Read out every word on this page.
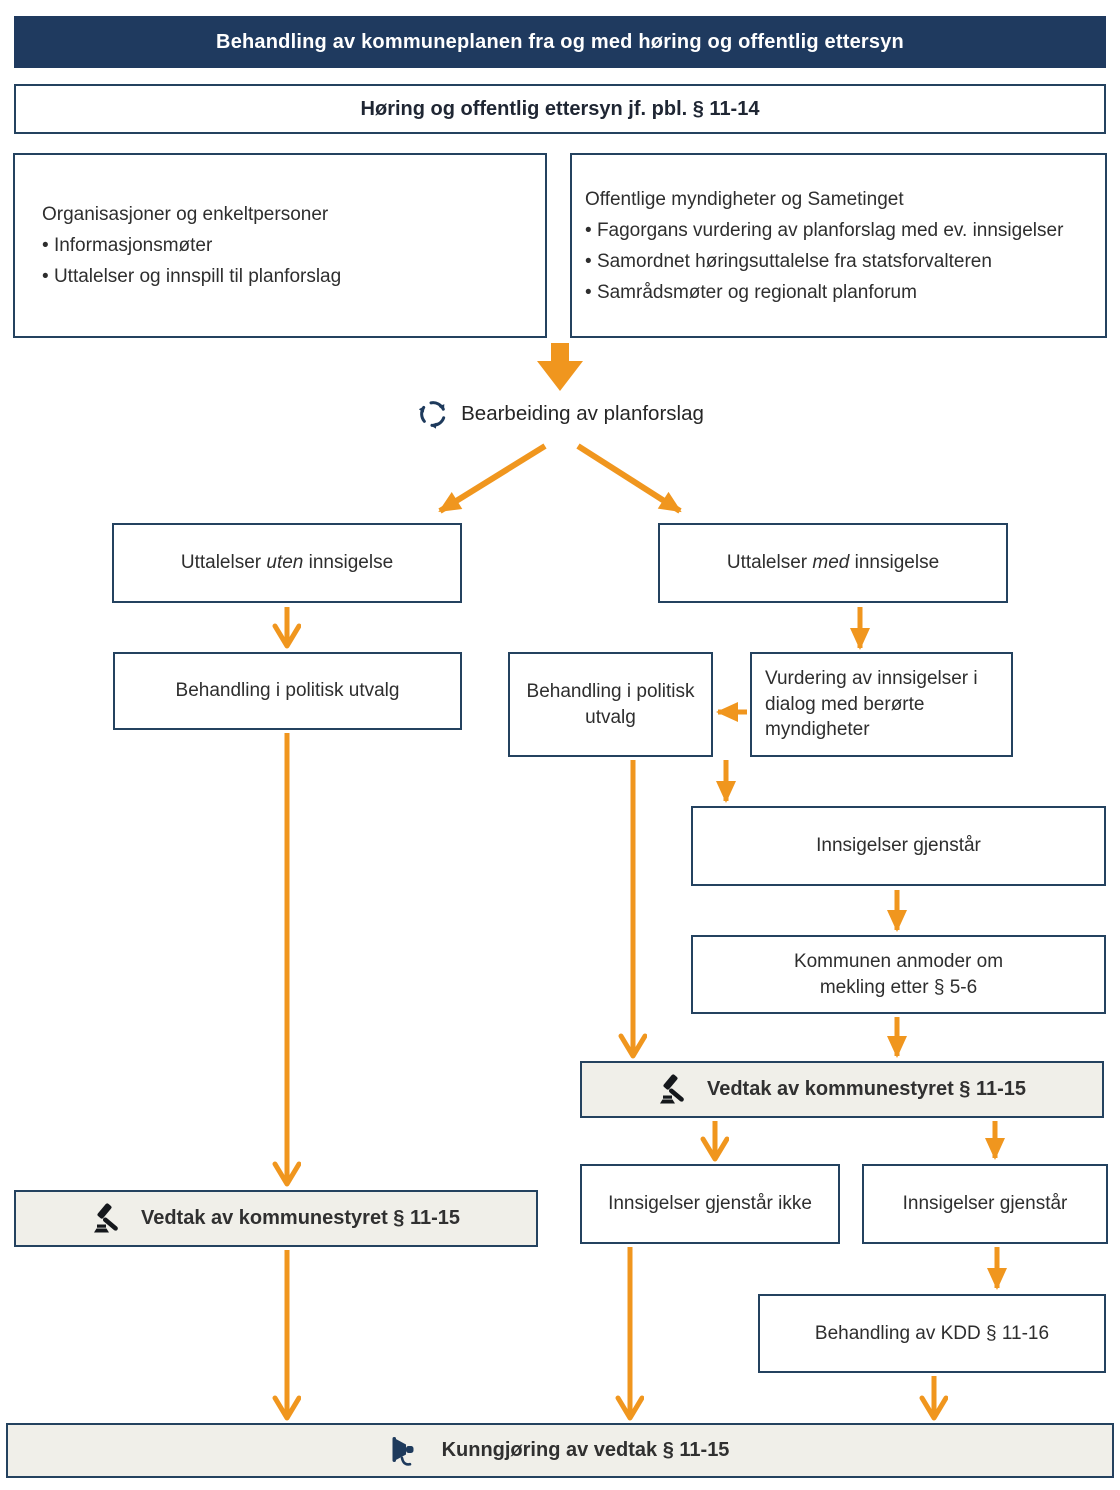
Behandling av kommuneplanen fra og med høring og offentlig ettersyn
Høring og offentlig ettersyn jf. pbl. § 11-14
Organisasjoner og enkeltpersoner
• Informasjonsmøter
• Uttalelser og innspill til planforslag
Offentlige myndigheter og Sametinget
• Fagorgans vurdering av planforslag med ev. innsigelser
• Samordnet høringsuttalelse fra statsforvalteren
• Samrådsmøter og regionalt planforum
Bearbeiding av planforslag
Uttalelser uten innsigelse	Uttalelser med innsigelse
Behandling i politisk utvalg	Behandling i politisk utvalg
Vurdering av innsigelser i dialog med berørte myndigheter
Innsigelser gjenstår
Kommunen anmoder om mekling etter § 5-6
Vedtak av kommunestyret § 11-15
Innsigelser gjenstår ikke	Innsigelser gjenstår
Behandling av KDD § 11-16
Vedtak av kommunestyret § 11-15
Kunngjøring av vedtak § 11-15
